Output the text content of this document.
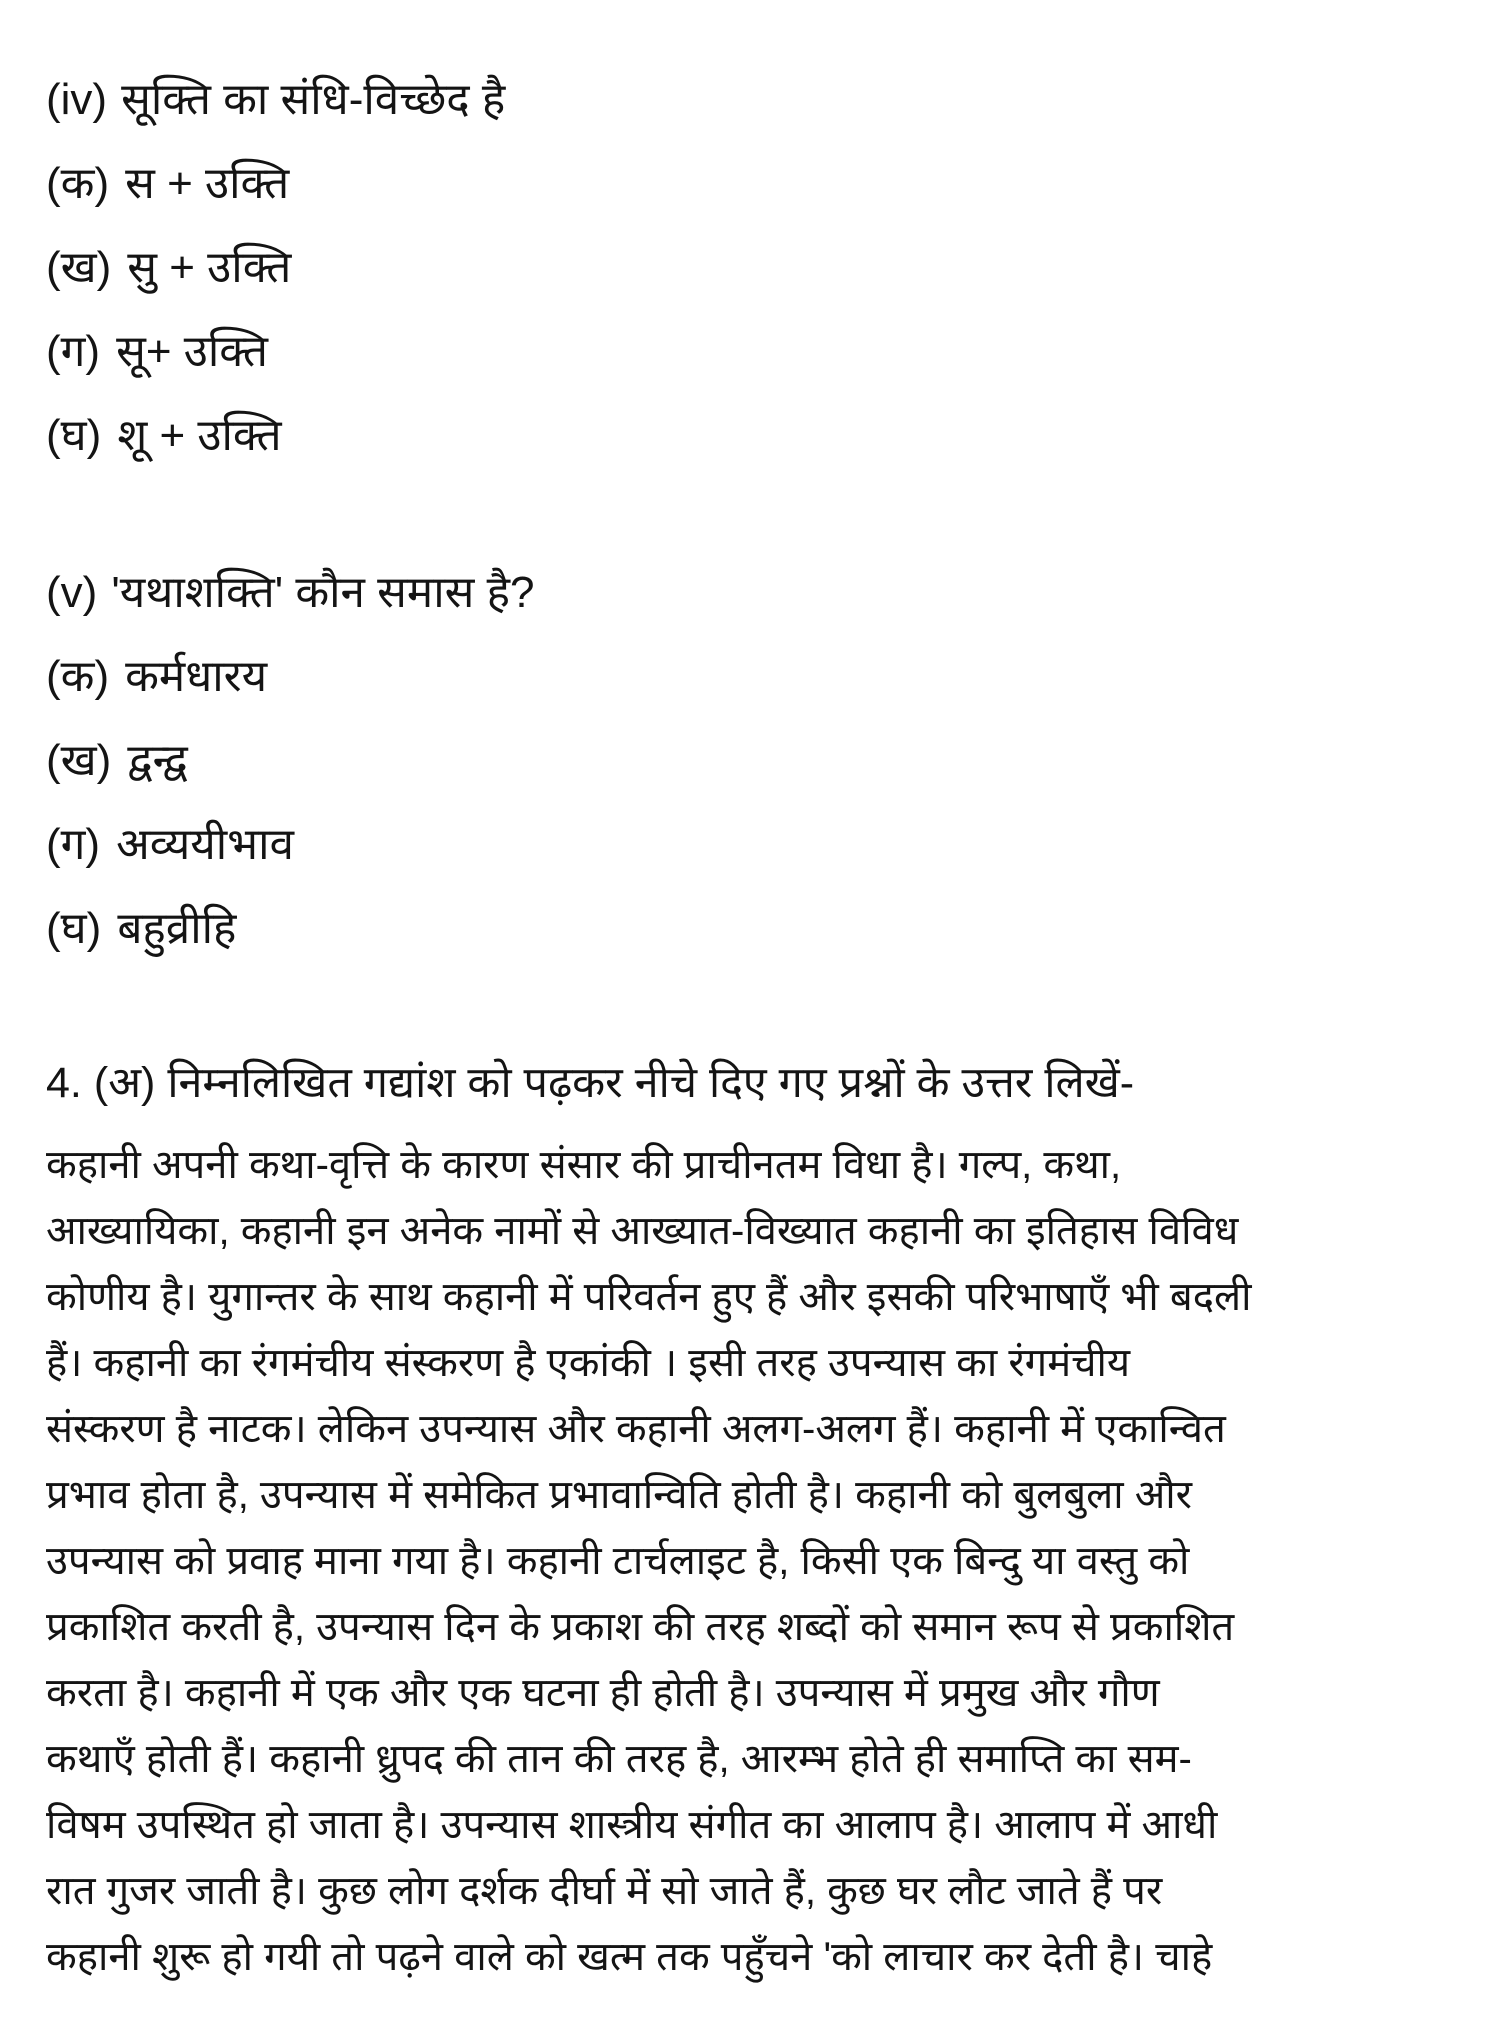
(iv) सूक्ति का संधि-विच्छेद है
(क) स + उक्ति
(ख) सु + उक्ति
(ग) सू+ उक्ति
(घ) शू + उक्ति
(v) 'यथाशक्ति' कौन समास है?
(क) कर्मधारय
(ख) द्वन्द्व
(ग) अव्ययीभाव
(घ) बहुव्रीहि
4. (अ) निम्नलिखित गद्यांश को पढ़कर नीचे दिए गए प्रश्नों के उत्तर लिखें-
कहानी अपनी कथा-वृत्ति के कारण संसार की प्राचीनतम विधा है। गल्प, कथा,
आख्यायिका, कहानी इन अनेक नामों से आख्यात-विख्यात कहानी का इतिहास विविध
कोणीय है। युगान्तर के साथ कहानी में परिवर्तन हुए हैं और इसकी परिभाषाएँ भी बदली
हैं। कहानी का रंगमंचीय संस्करण है एकांकी । इसी तरह उपन्यास का रंगमंचीय
संस्करण है नाटक। लेकिन उपन्यास और कहानी अलग-अलग हैं। कहानी में एकान्वित
प्रभाव होता है, उपन्यास में समेकित प्रभावान्विति होती है। कहानी को बुलबुला और
उपन्यास को प्रवाह माना गया है। कहानी टार्चलाइट है, किसी एक बिन्दु या वस्तु को
प्रकाशित करती है, उपन्यास दिन के प्रकाश की तरह शब्दों को समान रूप से प्रकाशित
करता है। कहानी में एक और एक घटना ही होती है। उपन्यास में प्रमुख और गौण
कथाएँ होती हैं। कहानी ध्रुपद की तान की तरह है, आरम्भ होते ही समाप्ति का सम-
विषम उपस्थित हो जाता है। उपन्यास शास्त्रीय संगीत का आलाप है। आलाप में आधी
रात गुजर जाती है। कुछ लोग दर्शक दीर्घा में सो जाते हैं, कुछ घर लौट जाते हैं पर
कहानी शुरू हो गयी तो पढ़ने वाले को खत्म तक पहुँचने 'को लाचार कर देती है। चाहे
